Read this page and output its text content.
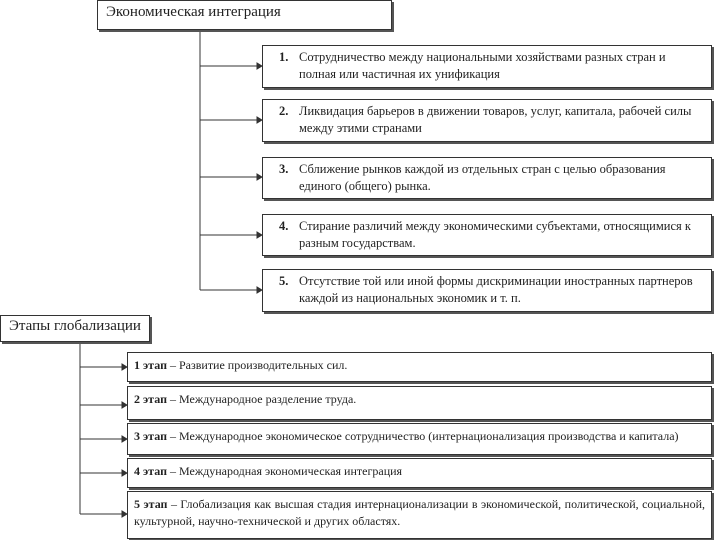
Экономическая интеграция
1. Сотрудничество между национальными хозяйствами разных стран и полная или частичная их унификация
2. Ликвидация барьеров в движении товаров, услуг, капитала, рабочей силы между этими странами
3. Сближение рынков каждой из отдельных стран с целью образования единого (общего) рынка.
4. Стирание различий между экономическими субъектами, относящимися к разным государствам.
5. Отсутствие той или иной формы дискриминации иностранных партнеров каждой из национальных экономик и т. п.
Этапы глобализации
1 этап – Развитие производительных сил.
2 этап – Международное разделение труда.
3 этап – Международное экономическое сотрудничество (интернационализация производства и капитала)
4 этап – Международная экономическая интеграция
5 этап – Глобализация как высшая стадия интернационализации в экономической, политической, социальной, культурной, научно-технической и других областях.
